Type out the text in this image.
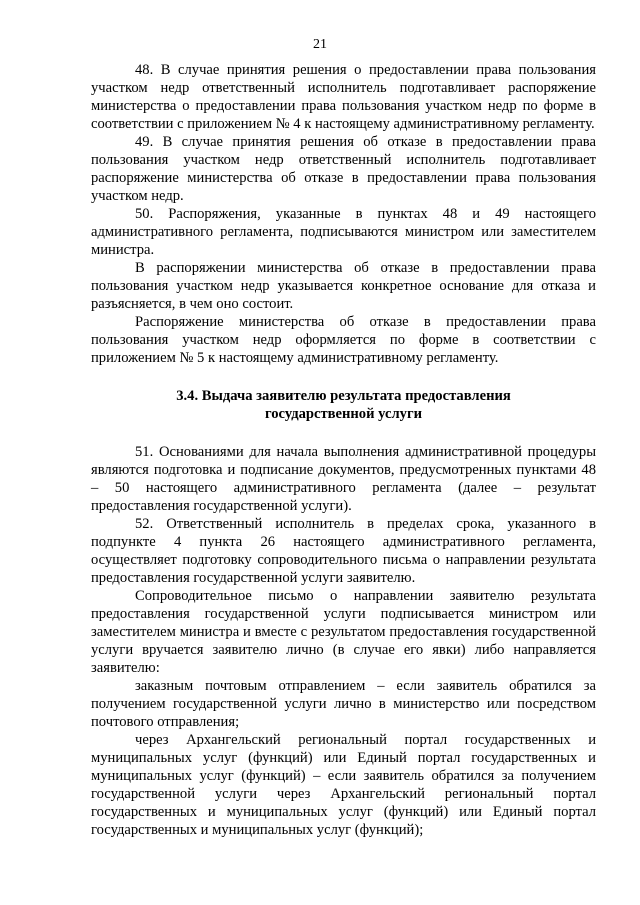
21

48. В случае принятия решения о предоставлении права пользования участком недр ответственный исполнитель подготавливает распоряжение министерства о предоставлении права пользования участком недр по форме в соответствии с приложением № 4 к настоящему административному регламенту.

49. В случае принятия решения об отказе в предоставлении права пользования участком недр ответственный исполнитель подготавливает распоряжение министерства об отказе в предоставлении права пользования участком недр.

50. Распоряжения, указанные в пунктах 48 и 49 настоящего административного регламента, подписываются министром или заместителем министра.

В распоряжении министерства об отказе в предоставлении права пользования участком недр указывается конкретное основание для отказа и разъясняется, в чем оно состоит.

Распоряжение министерства об отказе в предоставлении права пользования участком недр оформляется по форме в соответствии с приложением № 5 к настоящему административному регламенту.

3.4. Выдача заявителю результата предоставления
государственной услуги

51. Основаниями для начала выполнения административной процедуры являются подготовка и подписание документов, предусмотренных пунктами 48 – 50 настоящего административного регламента (далее – результат предоставления государственной услуги).

52. Ответственный исполнитель в пределах срока, указанного в подпункте 4 пункта 26 настоящего административного регламента, осуществляет подготовку сопроводительного письма о направлении результата предоставления государственной услуги заявителю.

Сопроводительное письмо о направлении заявителю результата предоставления государственной услуги подписывается министром или заместителем министра и вместе с результатом предоставления государственной услуги вручается заявителю лично (в случае его явки) либо направляется заявителю:

заказным почтовым отправлением – если заявитель обратился за получением государственной услуги лично в министерство или посредством почтового отправления;

через Архангельский региональный портал государственных и муниципальных услуг (функций) или Единый портал государственных и муниципальных услуг (функций) – если заявитель обратился за получением государственной услуги через Архангельский региональный портал государственных и муниципальных услуг (функций) или Единый портал государственных и муниципальных услуг (функций);
